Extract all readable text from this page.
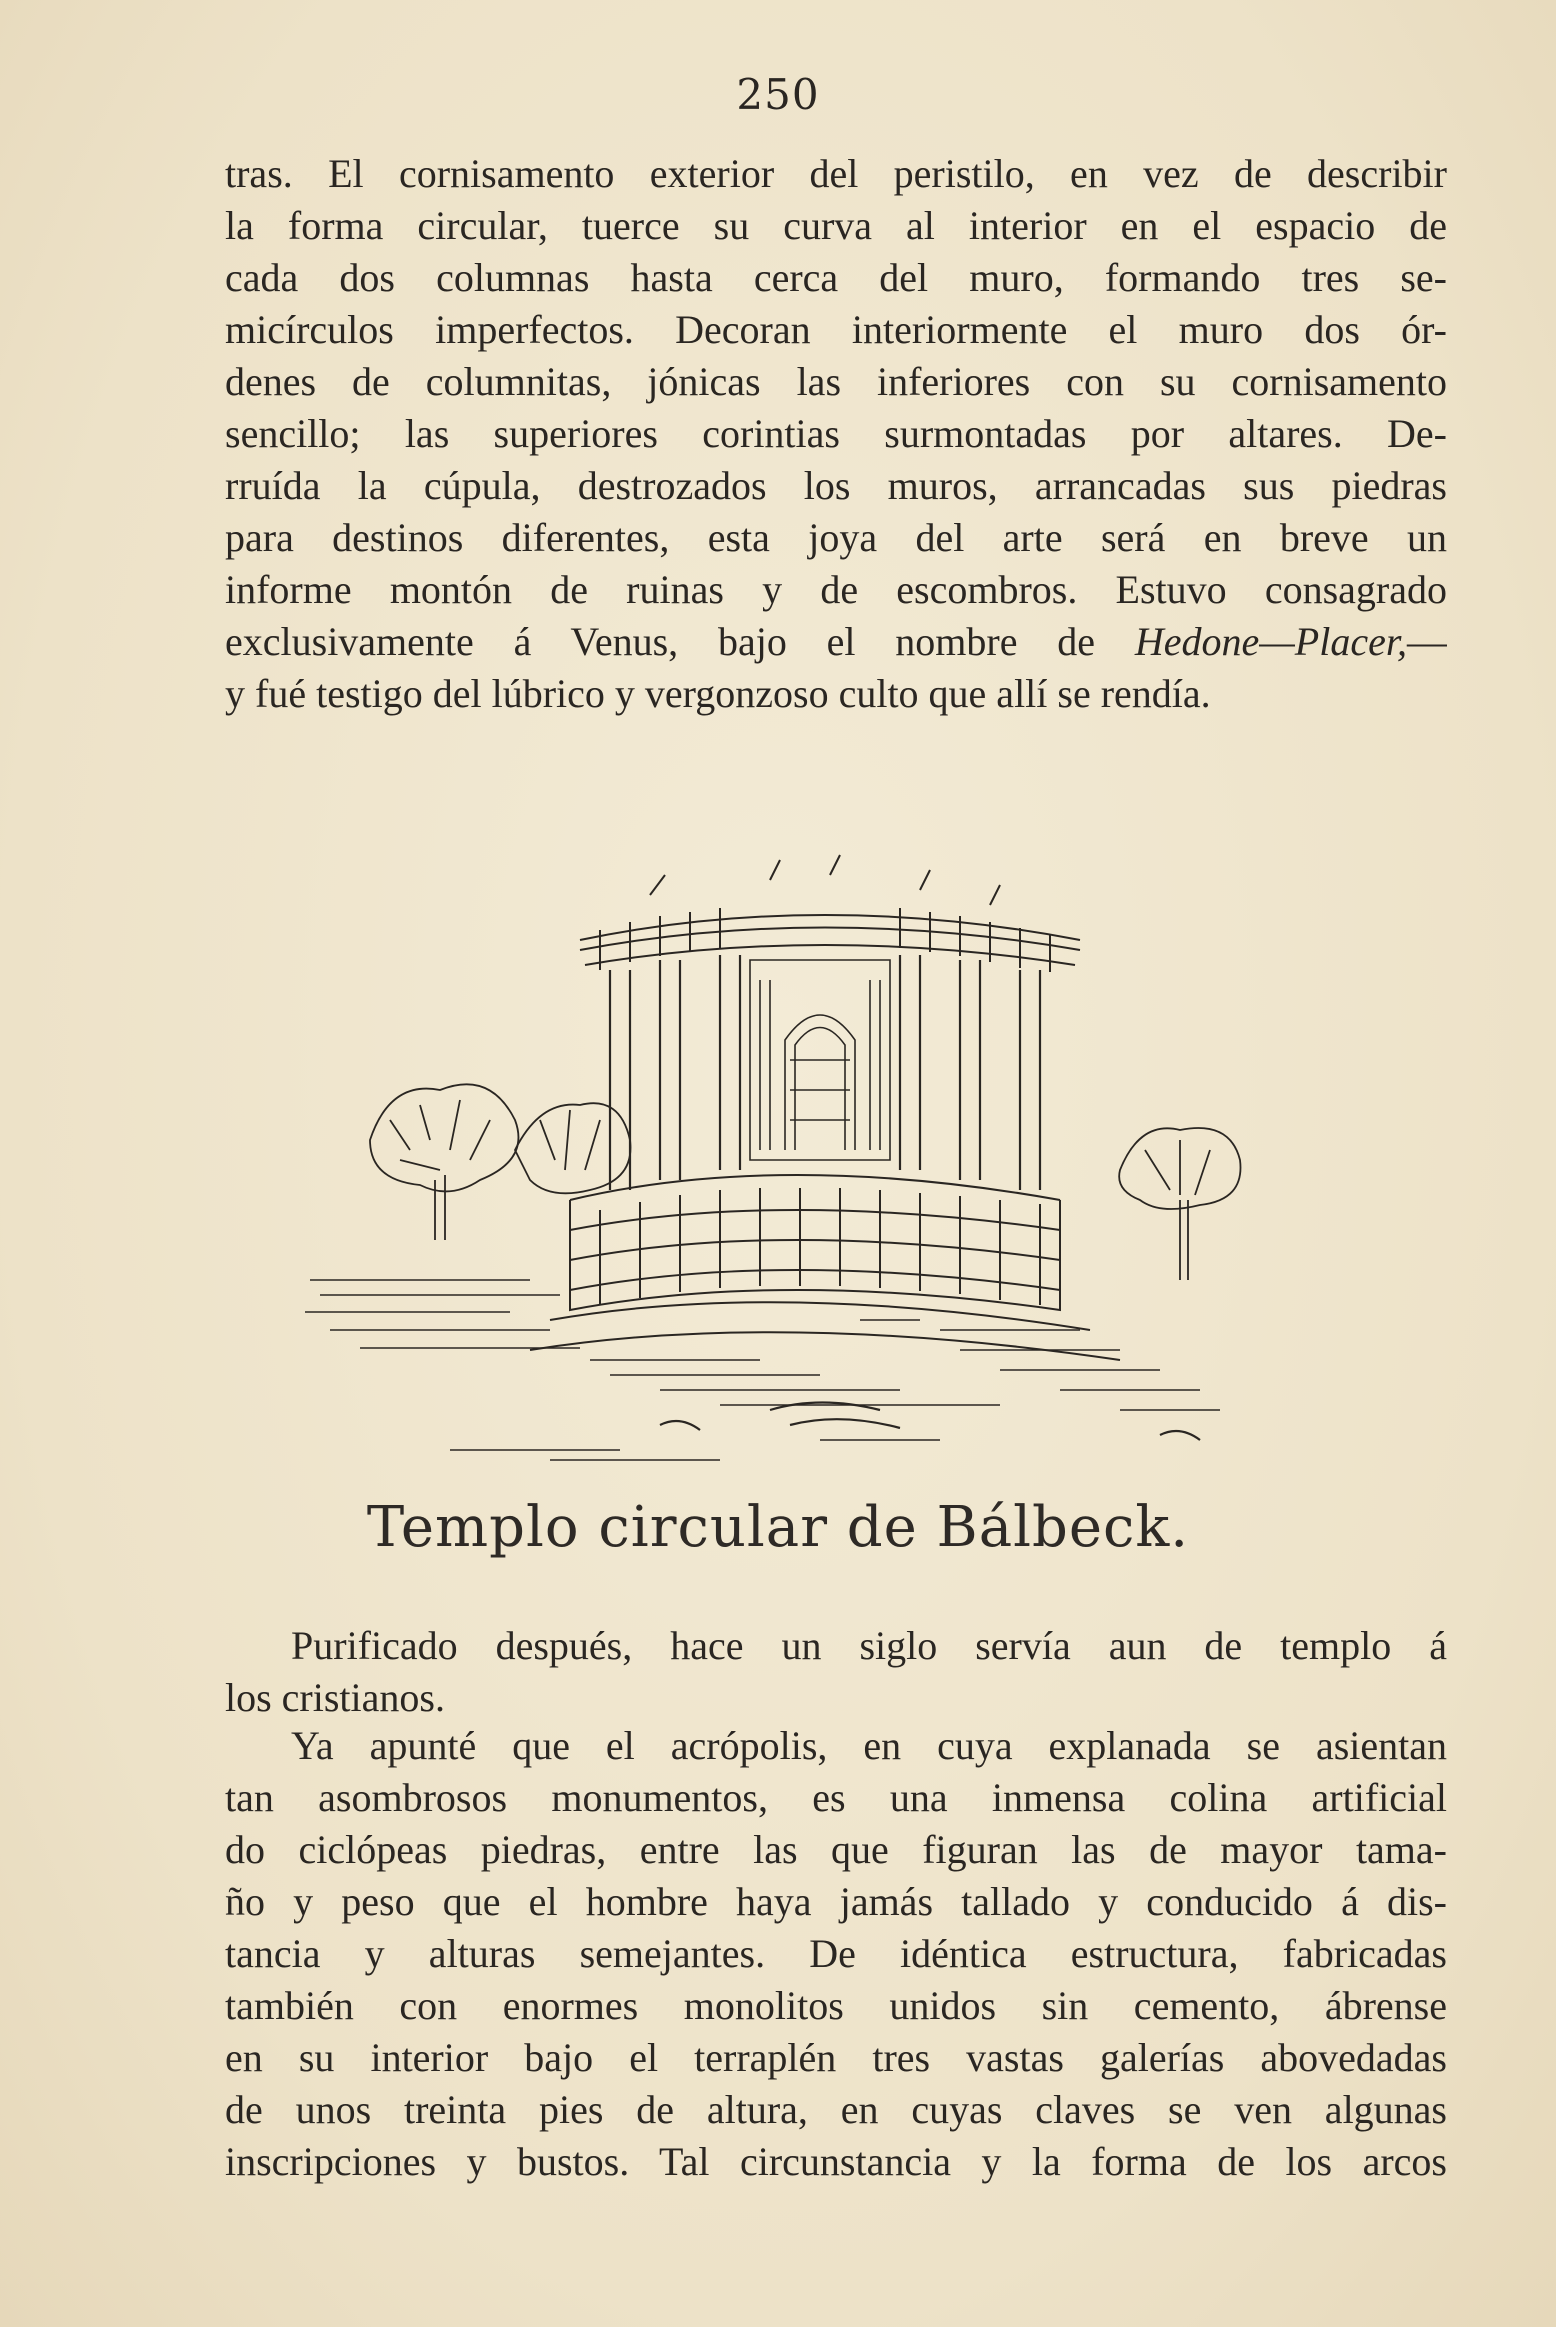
250
tras. El cornisamento exterior del peristilo, en vez de describir
la forma circular, tuerce su curva al interior en el espacio de
cada dos columnas hasta cerca del muro, formando tres se-
micírculos imperfectos. Decoran interiormente el muro dos ór-
denes de columnitas, jónicas las inferiores con su cornisamento
sencillo; las superiores corintias surmontadas por altares. De-
rruída la cúpula, destrozados los muros, arrancadas sus piedras
para destinos diferentes, esta joya del arte será en breve un
informe montón de ruinas y de escombros. Estuvo consagrado
exclusivamente á Venus, bajo el nombre de Hedone—Placer,—
y fué testigo del lúbrico y vergonzoso culto que allí se rendía.
Templo circular de Bálbeck.
Purificado después, hace un siglo servía aun de templo á
los cristianos.
Ya apunté que el acrópolis, en cuya explanada se asientan
tan asombrosos monumentos, es una inmensa colina artificial
do ciclópeas piedras, entre las que figuran las de mayor tama-
ño y peso que el hombre haya jamás tallado y conducido á dis-
tancia y alturas semejantes. De idéntica estructura, fabricadas
también con enormes monolitos unidos sin cemento, ábrense
en su interior bajo el terraplén tres vastas galerías abovedadas
de unos treinta pies de altura, en cuyas claves se ven algunas
inscripciones y bustos. Tal circunstancia y la forma de los arcos
